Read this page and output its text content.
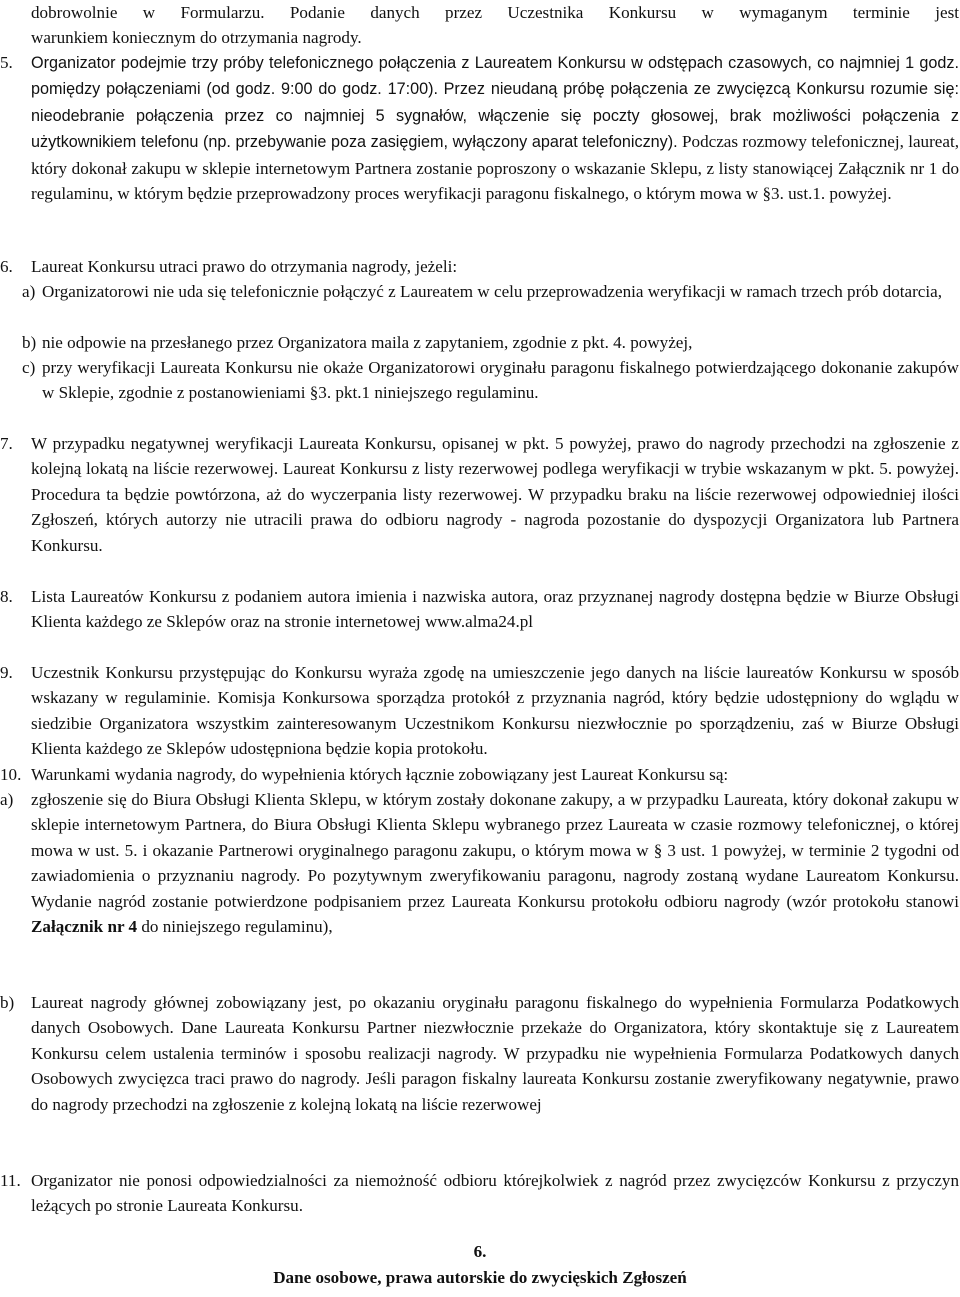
dobrowolnie w Formularzu. Podanie danych przez Uczestnika Konkursu w wymaganym terminie jest
warunkiem koniecznym do otrzymania nagrody.
5. Organizator podejmie trzy próby telefonicznego połączenia z Laureatem Konkursu w odstępach czasowych, co najmniej 1 godz. pomiędzy połączeniami (od godz. 9:00 do godz. 17:00). Przez nieudaną próbę połączenia ze zwycięzcą Konkursu rozumie się: nieodebranie połączenia przez co najmniej 5 sygnałów, włączenie się poczty głosowej, brak możliwości połączenia z użytkownikiem telefonu (np. przebywanie poza zasięgiem, wyłączony aparat telefoniczny). Podczas rozmowy telefonicznej, laureat, który dokonał zakupu w sklepie internetowym Partnera zostanie poproszony o wskazanie Sklepu, z listy stanowiącej Załącznik nr 1 do regulaminu, w którym będzie przeprowadzony proces weryfikacji paragonu fiskalnego, o którym mowa w §3. ust.1. powyżej.

6. Laureat Konkursu utraci prawo do otrzymania nagrody, jeżeli:

a) Organizatorowi nie uda się telefonicznie połączyć z Laureatem w celu przeprowadzenia weryfikacji w ramach trzech prób dotarcia,

b) nie odpowie na przesłanego przez Organizatora maila z zapytaniem, zgodnie z pkt. 4. powyżej,

c) przy weryfikacji Laureata Konkursu nie okaże Organizatorowi oryginału paragonu fiskalnego potwierdzającego dokonanie zakupów w Sklepie, zgodnie z postanowieniami §3. pkt.1 niniejszego regulaminu.

7. W przypadku negatywnej weryfikacji Laureata Konkursu, opisanej w pkt. 5 powyżej, prawo do nagrody przechodzi na zgłoszenie z kolejną lokatą na liście rezerwowej. Laureat Konkursu z listy rezerwowej podlega weryfikacji w trybie wskazanym w pkt. 5. powyżej. Procedura ta będzie powtórzona, aż do wyczerpania listy rezerwowej. W przypadku braku na liście rezerwowej odpowiedniej ilości Zgłoszeń, których autorzy nie utracili prawa do odbioru nagrody - nagroda pozostanie do dyspozycji Organizatora lub Partnera Konkursu.

8. Lista Laureatów Konkursu z podaniem autora imienia i nazwiska autora, oraz przyznanej nagrody dostępna będzie w Biurze Obsługi Klienta każdego ze Sklepów oraz na stronie internetowej www.alma24.pl

9. Uczestnik Konkursu przystępując do Konkursu wyraża zgodę na umieszczenie jego danych na liście laureatów Konkursu w sposób wskazany w regulaminie. Komisja Konkursowa sporządza protokół z przyznania nagród, który będzie udostępniony do wglądu w siedzibie Organizatora wszystkim zainteresowanym Uczestnikom Konkursu niezwłocznie po sporządzeniu, zaś w Biurze Obsługi Klienta każdego ze Sklepów udostępniona będzie kopia protokołu.

10. Warunkami wydania nagrody, do wypełnienia których łącznie zobowiązany jest Laureat Konkursu są:

a) zgłoszenie się do Biura Obsługi Klienta Sklepu, w którym zostały dokonane zakupy, a w przypadku Laureata, który dokonał zakupu w sklepie internetowym Partnera, do Biura Obsługi Klienta Sklepu wybranego przez Laureata w czasie rozmowy telefonicznej, o której mowa w ust. 5. i okazanie Partnerowi oryginalnego paragonu zakupu, o którym mowa w § 3 ust. 1 powyżej, w terminie 2 tygodni od zawiadomienia o przyznaniu nagrody. Po pozytywnym zweryfikowaniu paragonu, nagrody zostaną wydane Laureatom Konkursu. Wydanie nagród zostanie potwierdzone podpisaniem przez Laureata Konkursu protokołu odbioru nagrody (wzór protokołu stanowi Załącznik nr 4 do niniejszego regulaminu),

b) Laureat nagrody głównej zobowiązany jest, po okazaniu oryginału paragonu fiskalnego do wypełnienia Formularza Podatkowych danych Osobowych. Dane Laureata Konkursu Partner niezwłocznie przekaże do Organizatora, który skontaktuje się z Laureatem Konkursu celem ustalenia terminów i sposobu realizacji nagrody. W przypadku nie wypełnienia Formularza Podatkowych danych Osobowych zwycięzca traci prawo do nagrody. Jeśli paragon fiskalny laureata Konkursu zostanie zweryfikowany negatywnie, prawo do nagrody przechodzi na zgłoszenie z kolejną lokatą na liście rezerwowej

11. Organizator nie ponosi odpowiedzialności za niemożność odbioru którejkolwiek z nagród przez zwycięzców Konkursu z przyczyn leżących po stronie Laureata Konkursu.

6.
Dane osobowe, prawa autorskie do zwycięskich Zgłoszeń
